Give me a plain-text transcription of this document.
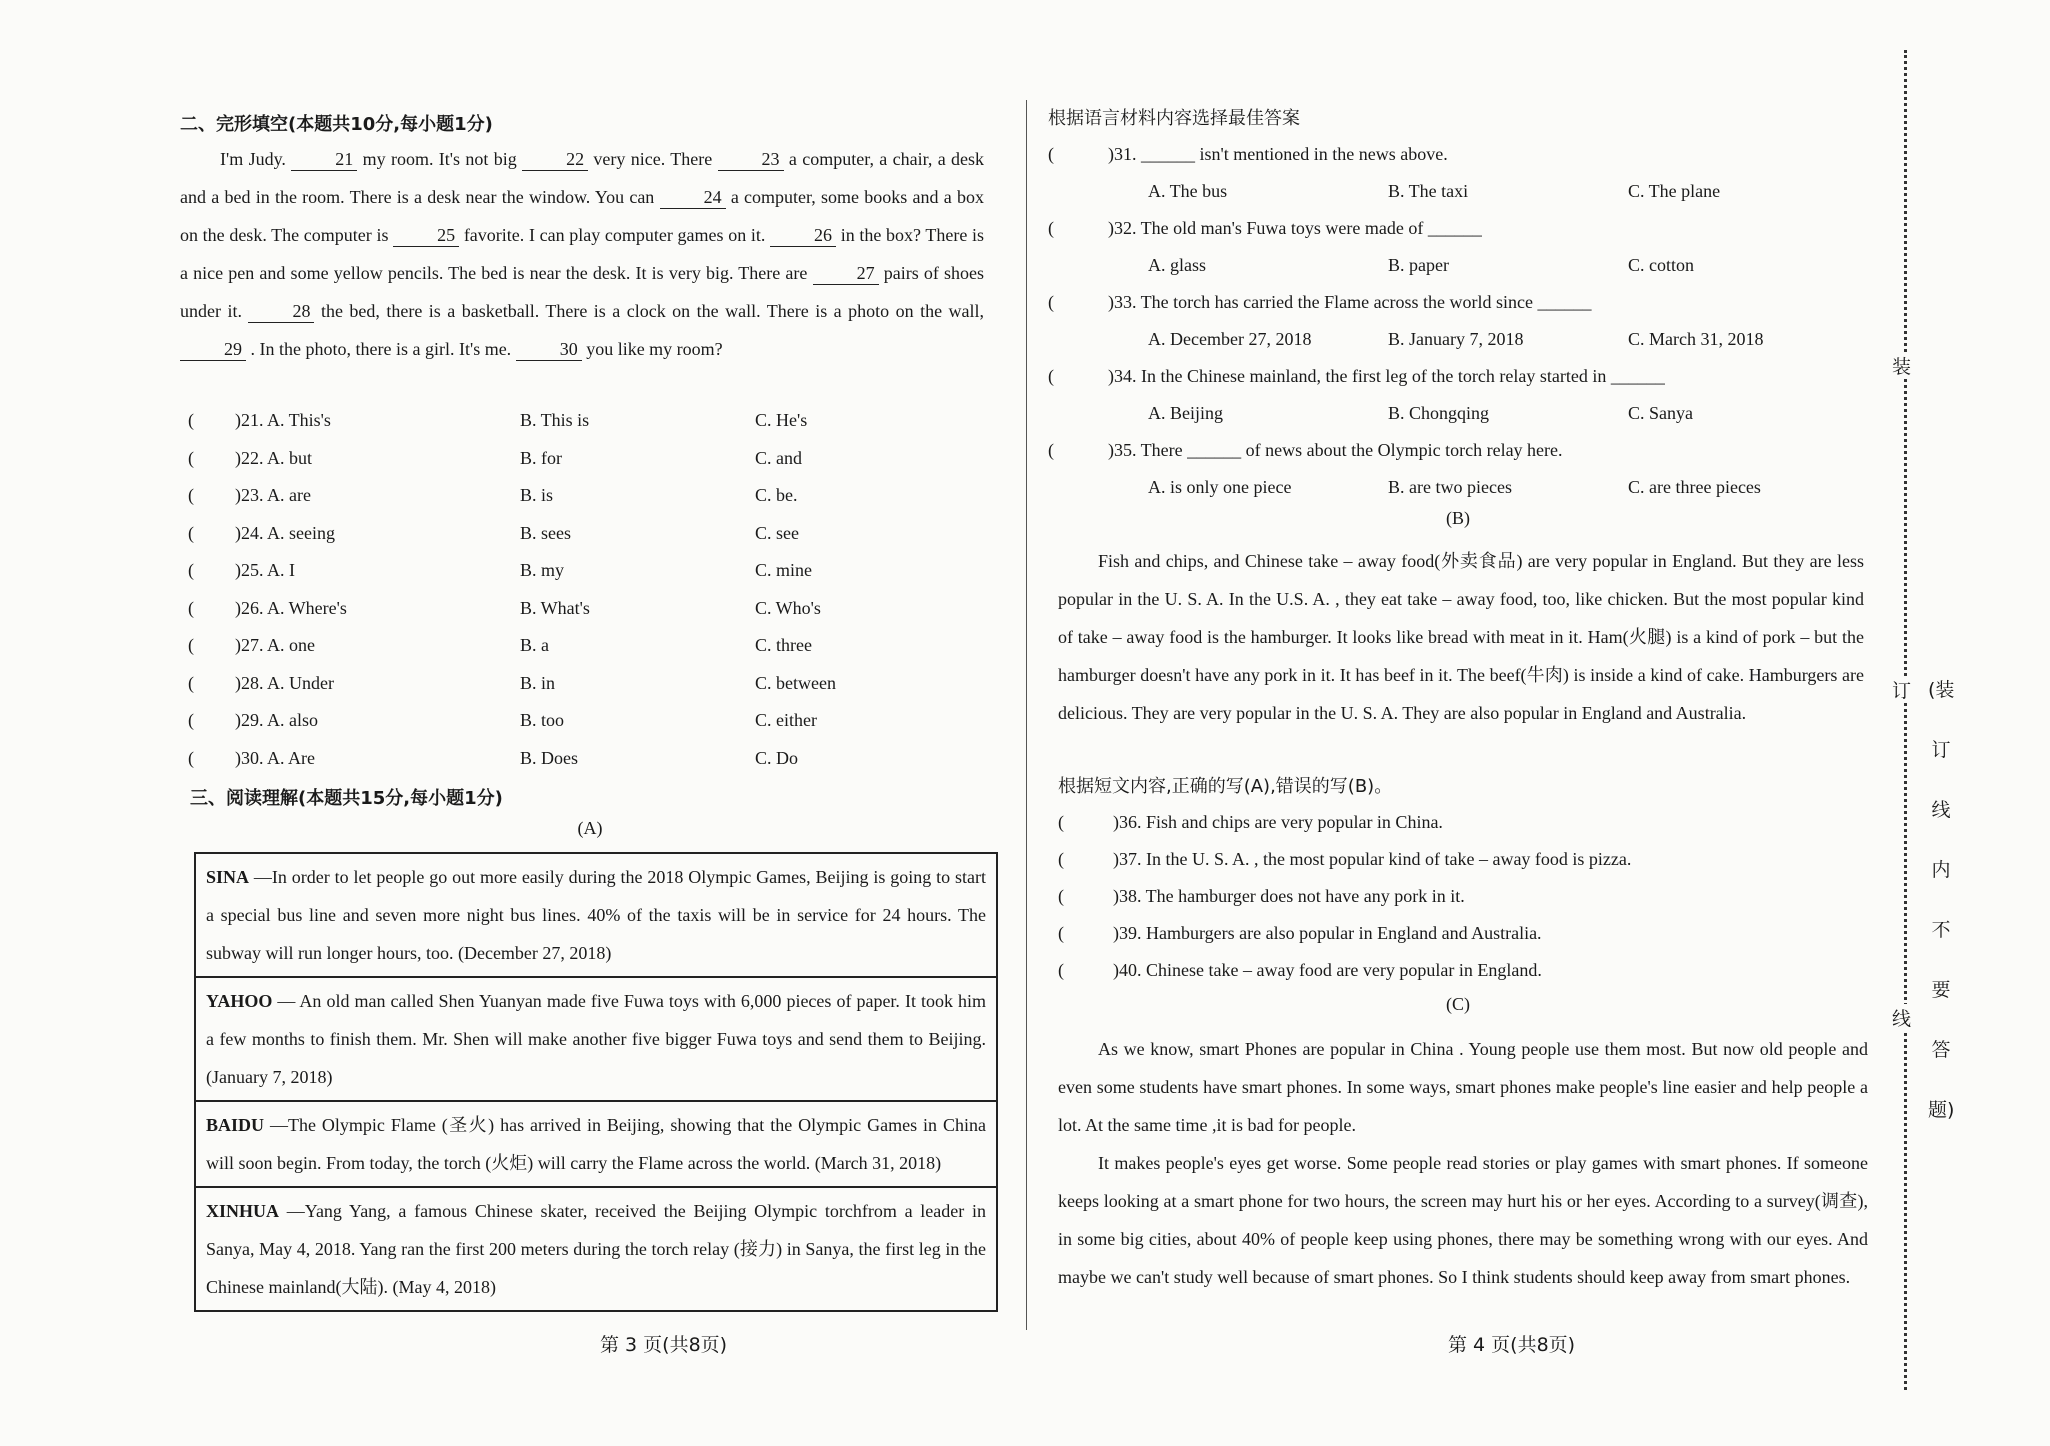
二、完形填空(本题共10分,每小题1分)
I'm Judy.	21 my room. It's not big	22 very nice. There	23 a computer, a chair, a desk and a bed in the room. There is a desk near the window. You can	24 a computer, some books and a box on the desk. The computer is	25 favorite. I can play computer games on it.	26 in the box? There is a nice pen and some yellow pencils. The bed is near the desk. It is very big. There are	27 pairs of shoes under it.	28 the bed, there is a basketball. There is a clock on the wall. There is a photo on the wall, 29 . In the photo, there is a girl. It's me.	30 you like my room?
( )21. A. This's	B. This is	C. He's
( )22. A. but	B. for	C. and
( )23. A. are	B. is	C. be.
( )24. A. seeing	B. sees	C. see
( )25. A. I	B. my	C. mine
( )26. A. Where's	B. What's	C. Who's
( )27. A. one	B. a	C. three
( )28. A. Under	B. in	C. between
( )29. A. also	B. too	C. either
( )30. A. Are	B. Does	C. Do
三、阅读理解(本题共15分,每小题1分)
(A)
SINA —In order to let people go out more easily during the 2018 Olympic Games, Beijing is going to start a special bus line and seven more night bus lines. 40% of the taxis will be in service for 24 hours. The subway will run longer hours, too. (December 27, 2018)
YAHOO — An old man called Shen Yuanyan made five Fuwa toys with 6,000 pieces of paper. It took him a few months to finish them. Mr. Shen will make another five bigger Fuwa toys and send them to Beijing. (January 7, 2018)
BAIDU —The Olympic Flame (圣火) has arrived in Beijing, showing that the Olympic Games in China will soon begin. From today, the torch (火炬) will carry the Flame across the world. (March 31, 2018)
XINHUA —Yang Yang, a famous Chinese skater, received the Beijing Olympic torchfrom a leader in Sanya, May 4, 2018. Yang ran the first 200 meters during the torch relay (接力) in Sanya, the first leg in the Chinese mainland(大陆). (May 4, 2018)
第 3 页(共8页)
根据语言材料内容选择最佳答案
(	)31. ______ isn't mentioned in the news above.
A. The bus	B. The taxi	C. The plane
(	)32. The old man's Fuwa toys were made of ______
A. glass	B. paper	C. cotton
(	)33. The torch has carried the Flame across the world since ______
A. December 27, 2018	B. January 7, 2018	C. March 31, 2018
(	)34. In the Chinese mainland, the first leg of the torch relay started in ______
A. Beijing	B. Chongqing	C. Sanya
(	)35. There ______ of news about the Olympic torch relay here.
A. is only one piece	B. are two pieces	C. are three pieces
(B)
Fish and chips, and Chinese take – away food(外卖食品) are very popular in England. But they are less popular in the U. S. A. In the U.S. A. , they eat take – away food, too, like chicken. But the most popular kind of take – away food is the hamburger. It looks like bread with meat in it. Ham(火腿) is a kind of pork – but the hamburger doesn't have any pork in it. It has beef in it. The beef(牛肉) is inside a kind of cake. Hamburgers are delicious. They are very popular in the U. S. A. They are also popular in England and Australia.
根据短文内容,正确的写(A),错误的写(B)。
(	)36. Fish and chips are very popular in China.
(	)37. In the U. S. A. , the most popular kind of take – away food is pizza.
(	)38. The hamburger does not have any pork in it.
(	)39. Hamburgers are also popular in England and Australia.
(	)40. Chinese take – away food are very popular in England.
(C)
As we know, smart Phones are popular in China . Young people use them most. But now old people and even some students have smart phones. In some ways, smart phones make people's line easier and help people a lot. At the same time ,it is bad for people.
It makes people's eyes get worse. Some people read stories or play games with smart phones. If someone keeps looking at a smart phone for two hours, the screen may hurt his or her eyes. According to a survey(调查), in some big cities, about 40% of people keep using phones, there may be something wrong with our eyes. And maybe we can't study well because of smart phones. So I think students should keep away from smart phones.
第 4 页(共8页)
装
订
线
(装订线内不要答题)
